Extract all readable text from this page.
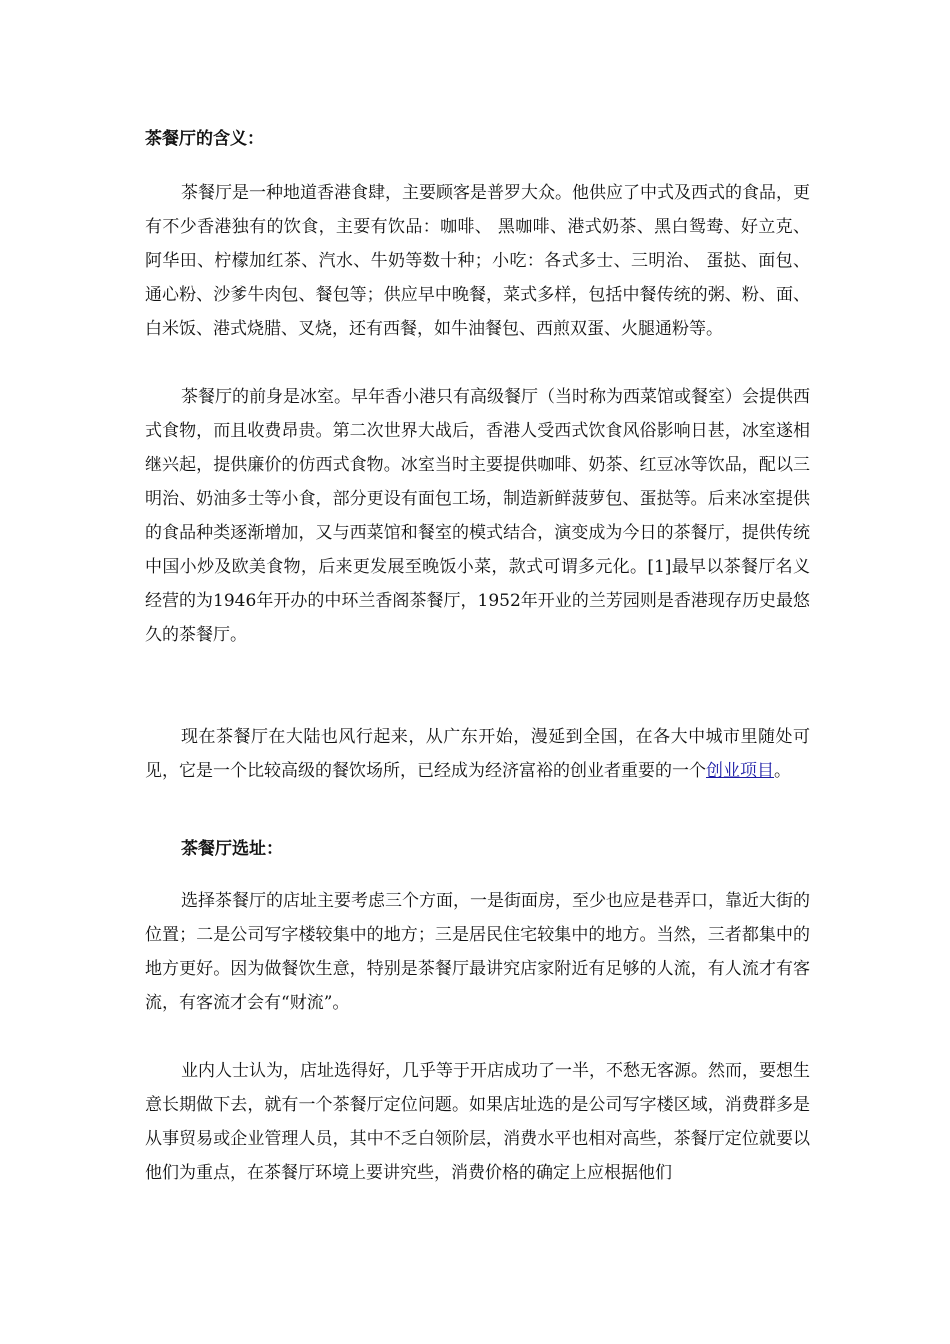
茶餐厅的含义：

茶餐厅是一种地道香港食肆，主要顾客是普罗大众。他供应了中式及西式的食品，更有不少香港独有的饮食，主要有饮品：咖啡、 黑咖啡、港式奶茶、黑白鸳鸯、好立克、阿华田、柠檬加红茶、汽水、牛奶等数十种；小吃：各式多士、三明治、 蛋挞、面包、通心粉、沙爹牛肉包、餐包等；供应早中晚餐，菜式多样，包括中餐传统的粥、粉、面、白米饭、港式烧腊、叉烧，还有西餐，如牛油餐包、西煎双蛋、火腿通粉等。

茶餐厅的前身是冰室。早年香小港只有高级餐厅（当时称为西菜馆或餐室）会提供西式食物，而且收费昂贵。第二次世界大战后，香港人受西式饮食风俗影响日甚，冰室遂相继兴起，提供廉价的仿西式食物。冰室当时主要提供咖啡、奶茶、红豆冰等饮品，配以三明治、奶油多士等小食，部分更设有面包工场，制造新鲜菠萝包、蛋挞等。后来冰室提供的食品种类逐渐增加，又与西菜馆和餐室的模式结合，演变成为今日的茶餐厅，提供传统中国小炒及欧美食物，后来更发展至晚饭小菜，款式可谓多元化。[1]最早以茶餐厅名义经营的为1946年开办的中环兰香阁茶餐厅，1952年开业的兰芳园则是香港现存历史最悠久的茶餐厅。

现在茶餐厅在大陆也风行起来，从广东开始，漫延到全国，在各大中城市里随处可见，它是一个比较高级的餐饮场所，已经成为经济富裕的创业者重要的一个创业项目。

茶餐厅选址：

选择茶餐厅的店址主要考虑三个方面，一是街面房，至少也应是巷弄口，靠近大街的位置；二是公司写字楼较集中的地方；三是居民住宅较集中的地方。当然，三者都集中的地方更好。因为做餐饮生意，特别是茶餐厅最讲究店家附近有足够的人流，有人流才有客流，有客流才会有“财流”。

业内人士认为，店址选得好，几乎等于开店成功了一半，不愁无客源。然而，要想生意长期做下去，就有一个茶餐厅定位问题。如果店址选的是公司写字楼区域，消费群多是从事贸易或企业管理人员，其中不乏白领阶层，消费水平也相对高些，茶餐厅定位就要以他们为重点，在茶餐厅环境上要讲究些，消费价格的确定上应根据他们
